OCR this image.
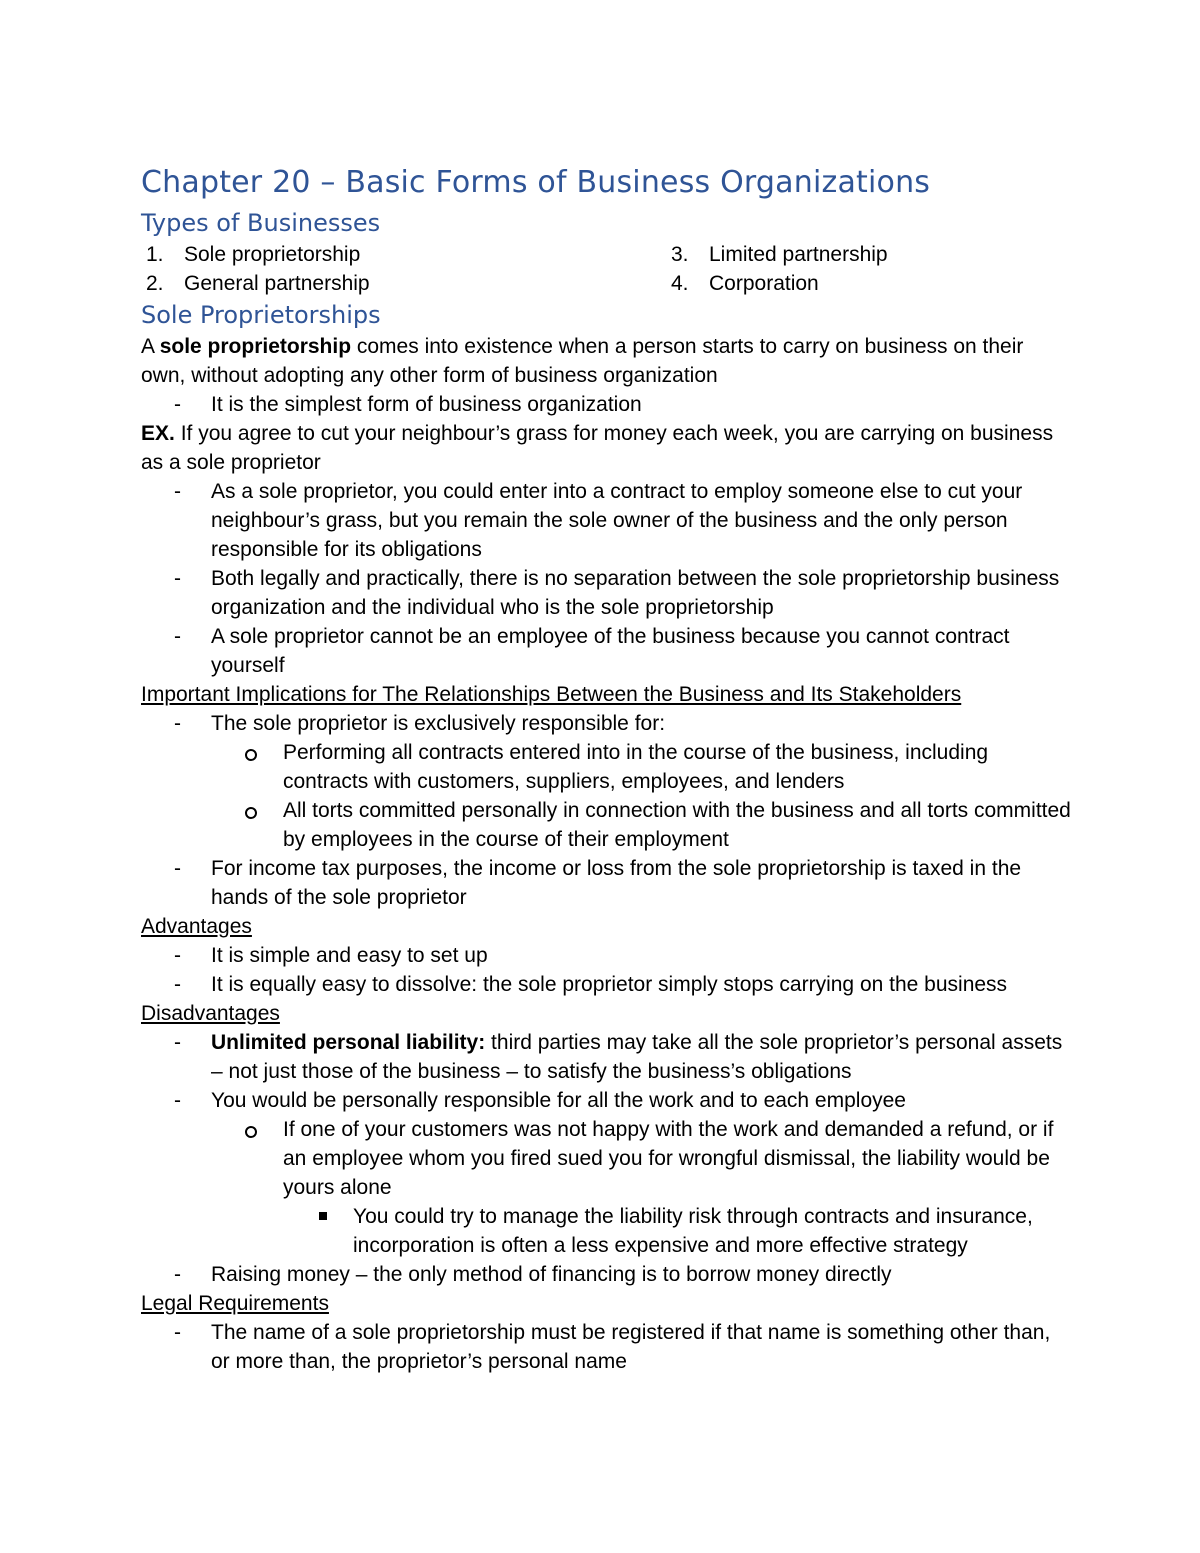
Chapter 20 – Basic Forms of Business Organizations
Types of Businesses
1. Sole proprietorship
2. General partnership
3. Limited partnership
4. Corporation
Sole Proprietorships

A sole proprietorship comes into existence when a person starts to carry on business on their own, without adopting any other form of business organization

- It is the simplest form of business organization

EX. If you agree to cut your neighbour’s grass for money each week, you are carrying on business as a sole proprietor

- As a sole proprietor, you could enter into a contract to employ someone else to cut your neighbour’s grass, but you remain the sole owner of the business and the only person responsible for its obligations
- Both legally and practically, there is no separation between the sole proprietorship business organization and the individual who is the sole proprietorship
- A sole proprietor cannot be an employee of the business because you cannot contract yourself

Important Implications for The Relationships Between the Business and Its Stakeholders

- The sole proprietor is exclusively responsible for:
Performing all contracts entered into in the course of the business, including contracts with customers, suppliers, employees, and lenders
All torts committed personally in connection with the business and all torts committed by employees in the course of their employment
- For income tax purposes, the income or loss from the sole proprietorship is taxed in the hands of the sole proprietor

Advantages

- It is simple and easy to set up
- It is equally easy to dissolve: the sole proprietor simply stops carrying on the business

Disadvantages

- Unlimited personal liability: third parties may take all the sole proprietor’s personal assets – not just those of the business – to satisfy the business’s obligations
- You would be personally responsible for all the work and to each employee
If one of your customers was not happy with the work and demanded a refund, or if an employee whom you fired sued you for wrongful dismissal, the liability would be yours alone
You could try to manage the liability risk through contracts and insurance, incorporation is often a less expensive and more effective strategy
- Raising money – the only method of financing is to borrow money directly

Legal Requirements

- The name of a sole proprietorship must be registered if that name is something other than, or more than, the proprietor’s personal name
